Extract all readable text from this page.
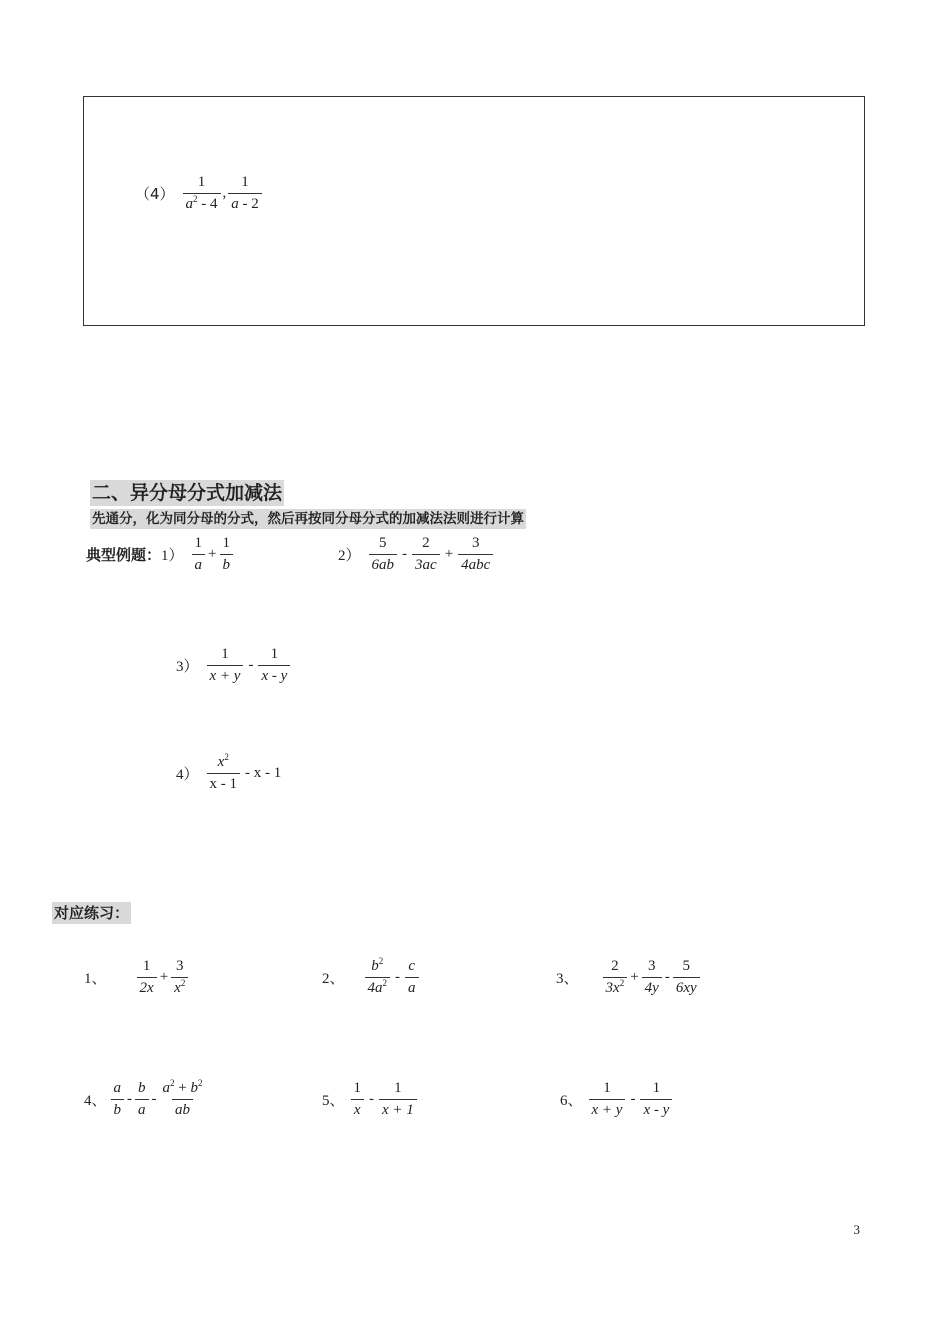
$(4) \frac{1}{a^2 - 4}$ , $\frac{1}{a - 2}$
二、异分母分式加减法
先通分，化为同分母的分式，然后再按同分母分式的加减法法则进行计算
典型例题： $1) \frac{1}{a} + \frac{1}{b}$	$2) \frac{5}{6ab} - \frac{2}{3ac} + \frac{3}{\text{4abc}}$
$3) \frac{1}{x + y} - \frac{1}{x - y}$
$4) \frac{x^2}{x - 1}$ - x - 1
对应练习：
1、 $\frac{1}{2x} + \frac{3}{x^2}$	2、 $\frac{b^2}{4a^2} - \frac{c}{a}$	3、 $\frac{2}{3x^2} + \frac{3}{4y} - \frac{5}{6xy}$
4、 $\frac{a}{b} - \frac{b}{a} - \frac{a^2 + b^2}{ab}$	5、 $\frac{1}{x} - \frac{1}{x + 1}$	6、 $\frac{1}{x + y} - \frac{1}{x - y}$
3
